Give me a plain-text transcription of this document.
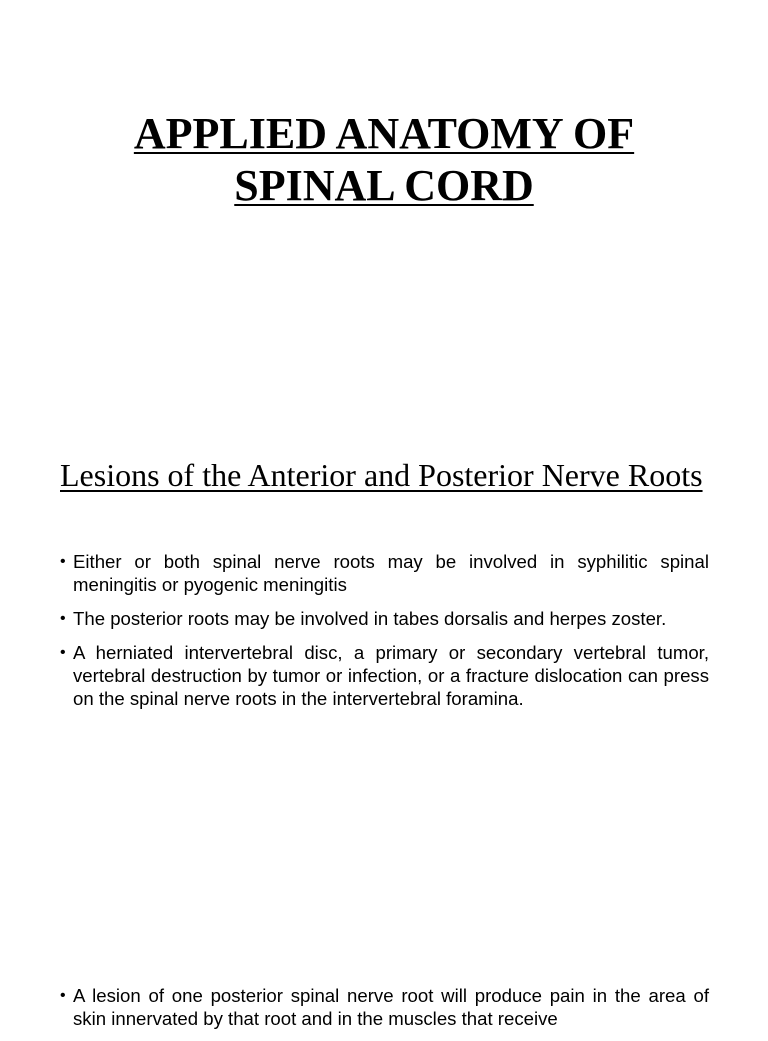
APPLIED ANATOMY OF SPINAL CORD
Lesions of the Anterior and Posterior Nerve Roots
• Either or both spinal nerve roots may be involved in syphilitic spinal meningitis or pyogenic meningitis
• The posterior roots may be involved in tabes dorsalis and herpes zoster.
• A herniated intervertebral disc, a primary or secondary vertebral tumor, vertebral destruction by tumor or infection, or a fracture dislocation can press on the spinal nerve roots in the intervertebral foramina.
• A lesion of one posterior spinal nerve root will produce pain in the area of skin innervated by that root and in the muscles that receive
